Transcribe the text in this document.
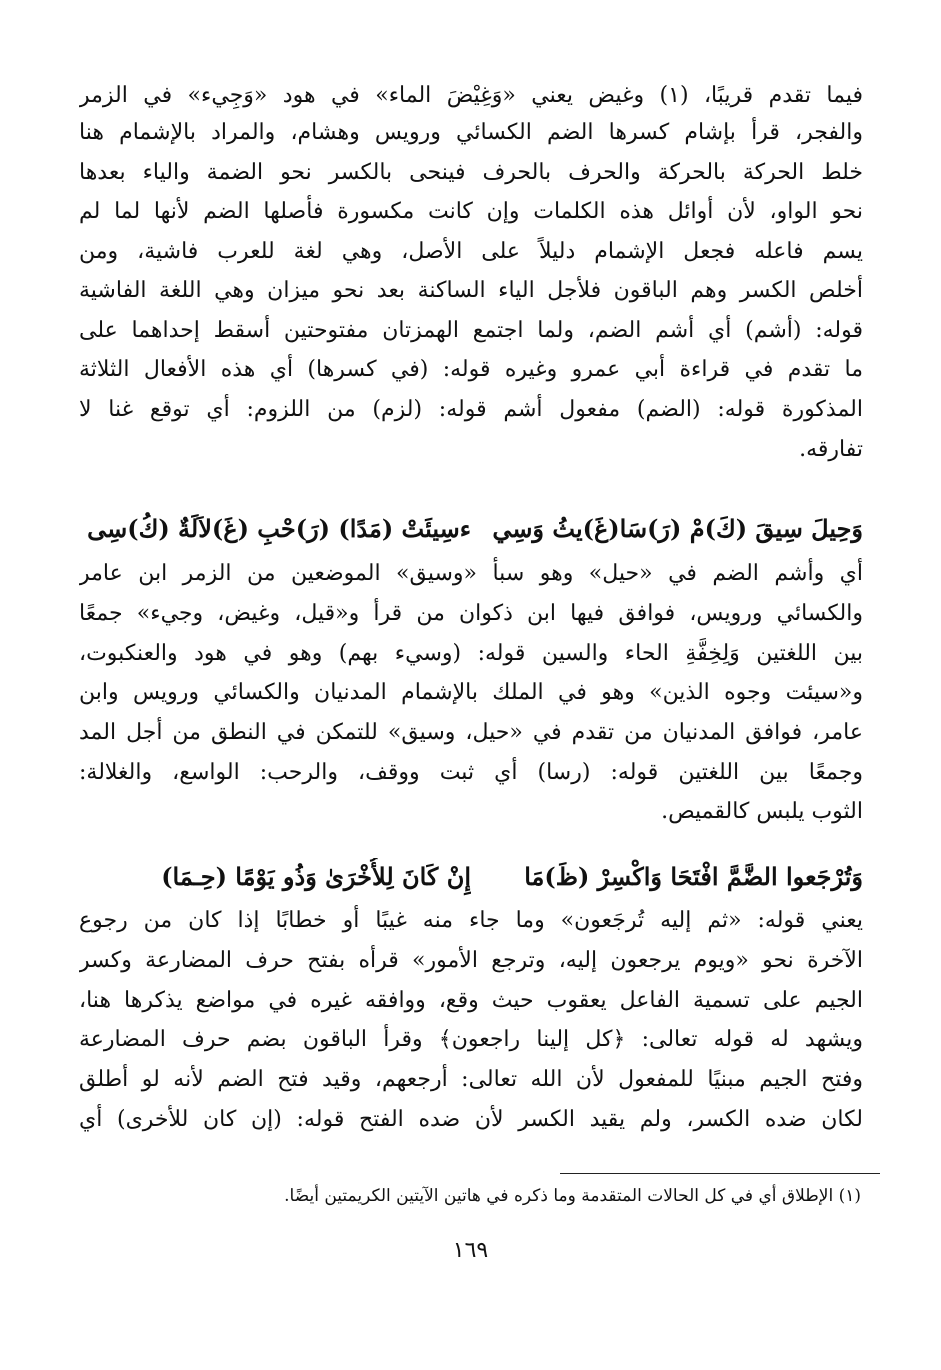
فيما تقدم قريبًا، (١) وغيض يعني «وَغِيْضَ الماء» في هود «وَجِيء» في الزمر
والفجر، قرأ بإشام كسرها الضم الكسائي ورويس وهشام، والمراد بالإشمام هنا
خلط الحركة بالحركة والحرف بالحرف فينحى بالكسر نحو الضمة والياء بعدها
نحو الواو، لأن أوائل هذه الكلمات وإن كانت مكسورة فأصلها الضم لأنها لما لم
يسم فاعله فجعل الإشمام دليلاً على الأصل، وهي لغة للعرب فاشية، ومن
أخلص الكسر وهم الباقون فلأجل الياء الساكنة بعد نحو ميزان وهي اللغة الفاشية
قوله: (أشم) أي أشم الضم، ولما اجتمع الهمزتان مفتوحتين أسقط إحداهما على
ما تقدم في قراءة أبي عمرو وغيره قوله: (في كسرها) أي هذه الأفعال الثلاثة
المذكورة قوله: (الضم) مفعول أشم قوله: (لزم) من اللزوم: أي توقع غنا لا
تفارقه.
وَحِيلَ سِيقَ (كَ)مْ (رَ)سَا(غَ)يثُ وَسِي
ءسِيئَتْ (مَدًا) (رَ)حْبِ (غَ)لاَلَةٌ (كُ)سِى
أي وأشم الضم في «حيل» وهو سبأ «وسيق» الموضعين من الزمر ابن عامر
والكسائي ورويس، فوافق فيها ابن ذكوان من قرأ و«قيل، وغيض، وجيء» جمعًا
بين اللغتين وَلِخِفَّةِ الحاء والسين قوله: (وسيء بهم) وهو في هود والعنكبوت،
و«سيئت وجوه الذين» وهو في الملك بالإشمام المدنيان والكسائي ورويس وابن
عامر، فوافق المدنيان من تقدم في «حيل، وسيق» للتمكن في النطق من أجل المد
وجمعًا بين اللغتين قوله: (رسا) أي ثبت ووقف، والرحب: الواسع، والغلالة:
الثوب يلبس كالقميص.
وَتُرْجَعوا الضَّمَّ افْتَحَا وَاكْسِرْ (ظَ)مَا
إِنْ كَانَ لِلأُخْرَىٰ وَذُو يَوْمًا (حِـمَا)
يعني قوله: «ثم إليه تُرجَعون» وما جاء منه غيبًا أو خطابًا إذا كان من رجوع
الآخرة نحو «ويوم يرجعون إليه، وترجع الأمور» قرأه بفتح حرف المضارعة وكسر
الجيم على تسمية الفاعل يعقوب حيث وقع، ووافقه غيره في مواضع يذكرها هنا،
ويشهد له قوله تعالى: ﴿كل إلينا راجعون﴾ وقرأ الباقون بضم حرف المضارعة
وفتح الجيم مبنيًا للمفعول لأن الله تعالى: أرجعهم، وقيد فتح الضم لأنه لو أطلق
لكان ضده الكسر، ولم يقيد الكسر لأن ضده الفتح قوله: (إن كان للأخرى) أي
(١) الإطلاق أي في كل الحالات المتقدمة وما ذكره في هاتين الآيتين الكريمتين أيضًا.
١٦٩
